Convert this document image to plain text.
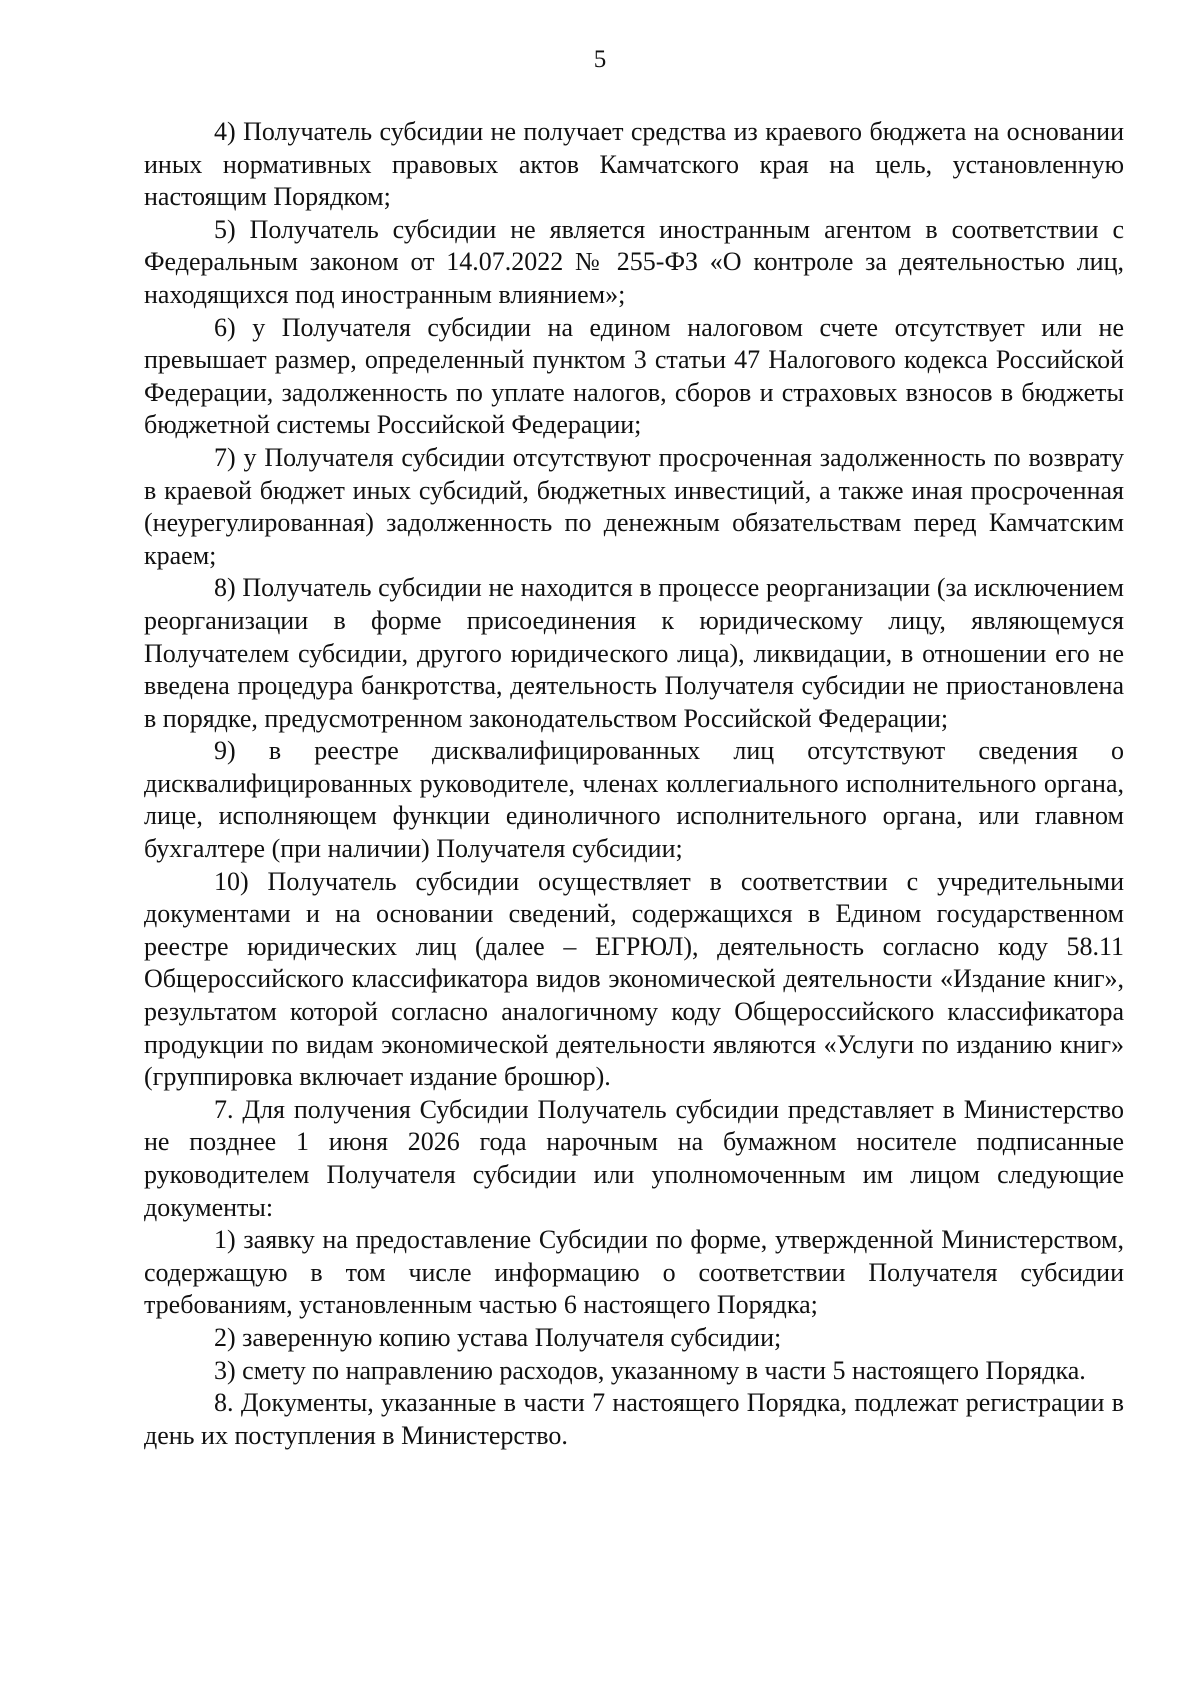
5

4) Получатель субсидии не получает средства из краевого бюджета на основании иных нормативных правовых актов Камчатского края на цель, установленную настоящим Порядком;

5) Получатель субсидии не является иностранным агентом в соответствии с Федеральным законом от 14.07.2022 № 255-ФЗ «О контроле за деятельностью лиц, находящихся под иностранным влиянием»;

6) у Получателя субсидии на едином налоговом счете отсутствует или не превышает размер, определенный пунктом 3 статьи 47 Налогового кодекса Российской Федерации, задолженность по уплате налогов, сборов и страховых взносов в бюджеты бюджетной системы Российской Федерации;

7) у Получателя субсидии отсутствуют просроченная задолженность по возврату в краевой бюджет иных субсидий, бюджетных инвестиций, а также иная просроченная (неурегулированная) задолженность по денежным обязательствам перед Камчатским краем;

8) Получатель субсидии не находится в процессе реорганизации (за исключением реорганизации в форме присоединения к юридическому лицу, являющемуся Получателем субсидии, другого юридического лица), ликвидации, в отношении его не введена процедура банкротства, деятельность Получателя субсидии не приостановлена в порядке, предусмотренном законодательством Российской Федерации;

9) в реестре дисквалифицированных лиц отсутствуют сведения о дисквалифицированных руководителе, членах коллегиального исполнительного органа, лице, исполняющем функции единоличного исполнительного органа, или главном бухгалтере (при наличии) Получателя субсидии;

10) Получатель субсидии осуществляет в соответствии с учредительными документами и на основании сведений, содержащихся в Едином государственном реестре юридических лиц (далее – ЕГРЮЛ), деятельность согласно коду 58.11 Общероссийского классификатора видов экономической деятельности «Издание книг», результатом которой согласно аналогичному коду Общероссийского классификатора продукции по видам экономической деятельности являются «Услуги по изданию книг» (группировка включает издание брошюр).

7. Для получения Субсидии Получатель субсидии представляет в Министерство не позднее 1 июня 2026 года нарочным на бумажном носителе подписанные руководителем Получателя субсидии или уполномоченным им лицом следующие документы:

1) заявку на предоставление Субсидии по форме, утвержденной Министерством, содержащую в том числе информацию о соответствии Получателя субсидии требованиям, установленным частью 6 настоящего Порядка;

2) заверенную копию устава Получателя субсидии;

3) смету по направлению расходов, указанному в части 5 настоящего Порядка.

8. Документы, указанные в части 7 настоящего Порядка, подлежат регистрации в день их поступления в Министерство.
